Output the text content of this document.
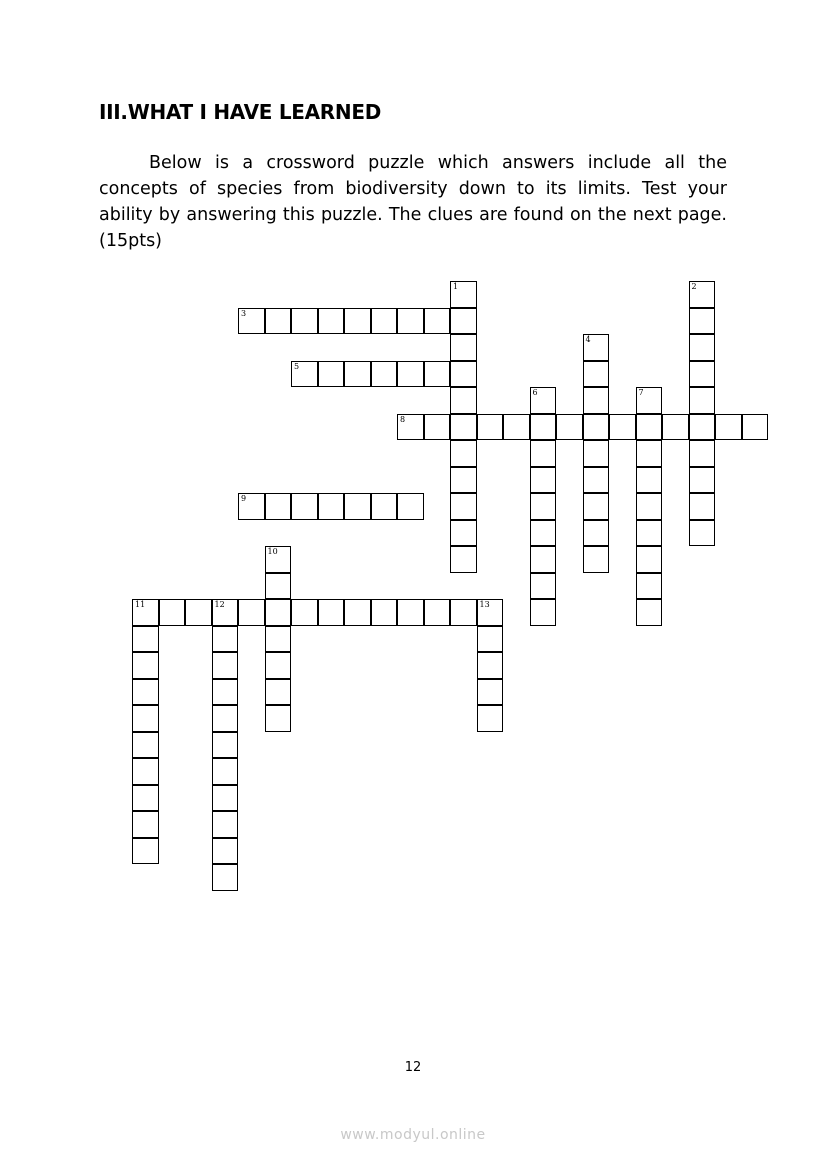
III.WHAT I HAVE LEARNED

Below is a crossword puzzle which answers include all the concepts of species from biodiversity down to its limits. Test your ability by answering this puzzle. The clues are found on the next page. (15pts)

1	2
3
4
5
6	7
8
9
10
11	12	13
12
www.modyul.online
